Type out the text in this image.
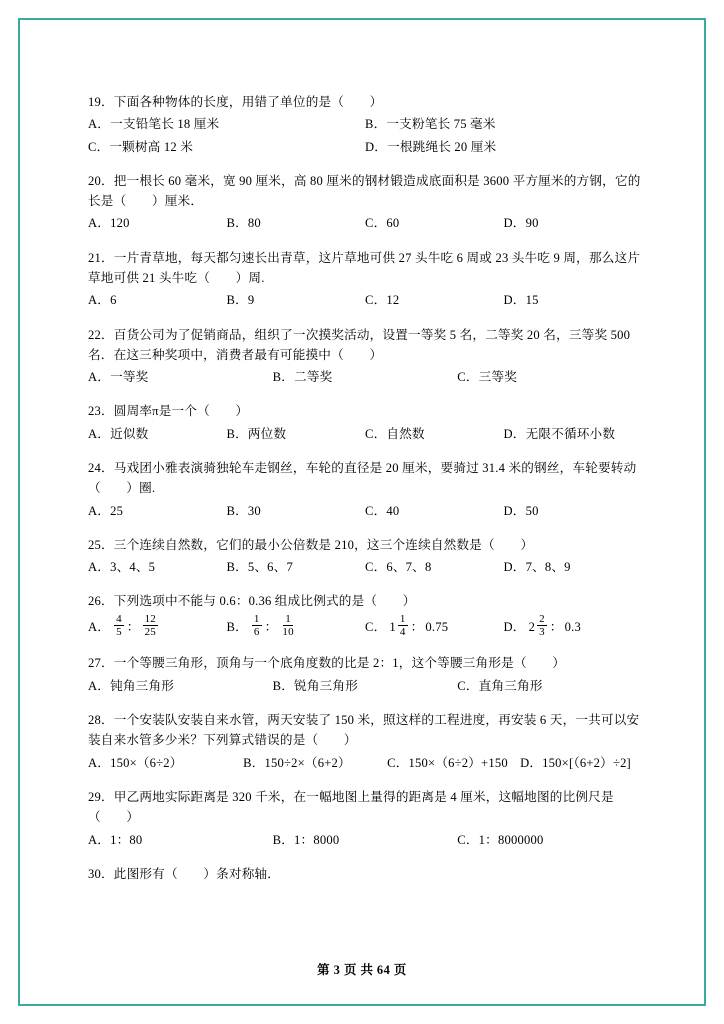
19．下面各种物体的长度，用错了单位的是（　　）
A．一支铅笔长 18 厘米	B．一支粉笔长 75 毫米
C．一颗树高 12 米	D．一根跳绳长 20 厘米
20．把一根长 60 毫米，宽 90 厘米，高 80 厘米的钢材锻造成底面积是 3600 平方厘米的方钢，它的长是（　　）厘米．
A．120	B．80	C．60	D．90
21．一片青草地，每天都匀速长出青草，这片草地可供 27 头牛吃 6 周或 23 头牛吃 9 周，那么这片草地可供 21 头牛吃（　　）周.
A．6	B．9	C．12	D．15
22．百货公司为了促销商品，组织了一次摸奖活动，设置一等奖 5 名，二等奖 20 名，三等奖 500 名．在这三种奖项中，消费者最有可能摸中（　　）
A．一等奖	B．二等奖	C．三等奖
23．圆周率π是一个（　　）
A．近似数	B．两位数	C．自然数	D．无限不循环小数
24．马戏团小雅表演骑独轮车走钢丝，车轮的直径是 20 厘米，要骑过 31.4 米的钢丝，车轮要转动（　　）圈.
A．25	B．30	C．40	D．50
25．三个连续自然数，它们的最小公倍数是 210，这三个连续自然数是（　　）
A．3、4、5	B．5、6、7	C．6、7、8	D．7、8、9
26．下列选项中不能与 0.6：0.36 组成比例式的是（　　）
A． $\frac{4}{5}$ ： $\frac{12}{25}$	B． $\frac{1}{6}$ ： $\frac{1}{10}$	C． $1 \frac{1}{4}$ ： 0.75	D． $2 \frac{2}{3}$ ： 0.3
27．一个等腰三角形，顶角与一个底角度数的比是 2：1，这个等腰三角形是（　　）
A．钝角三角形	B．锐角三角形	C．直角三角形
28．一个安装队安装自来水管，两天安装了 150 米，照这样的工程进度，再安装 6 天，一共可以安装自来水管多少米？下列算式错误的是（　　）
A．150×（6÷2）	B．150÷2×（6+2）	C．150×（6÷2）+150 D．150×[（6+2）÷2]
29．甲乙两地实际距离是 320 千米，在一幅地图上量得的距离是 4 厘米，这幅地图的比例尺是（　　）
A．1：80	B．1：8000	C．1：8000000
30．此图形有（　　）条对称轴．
第 3 页 共 64 页
